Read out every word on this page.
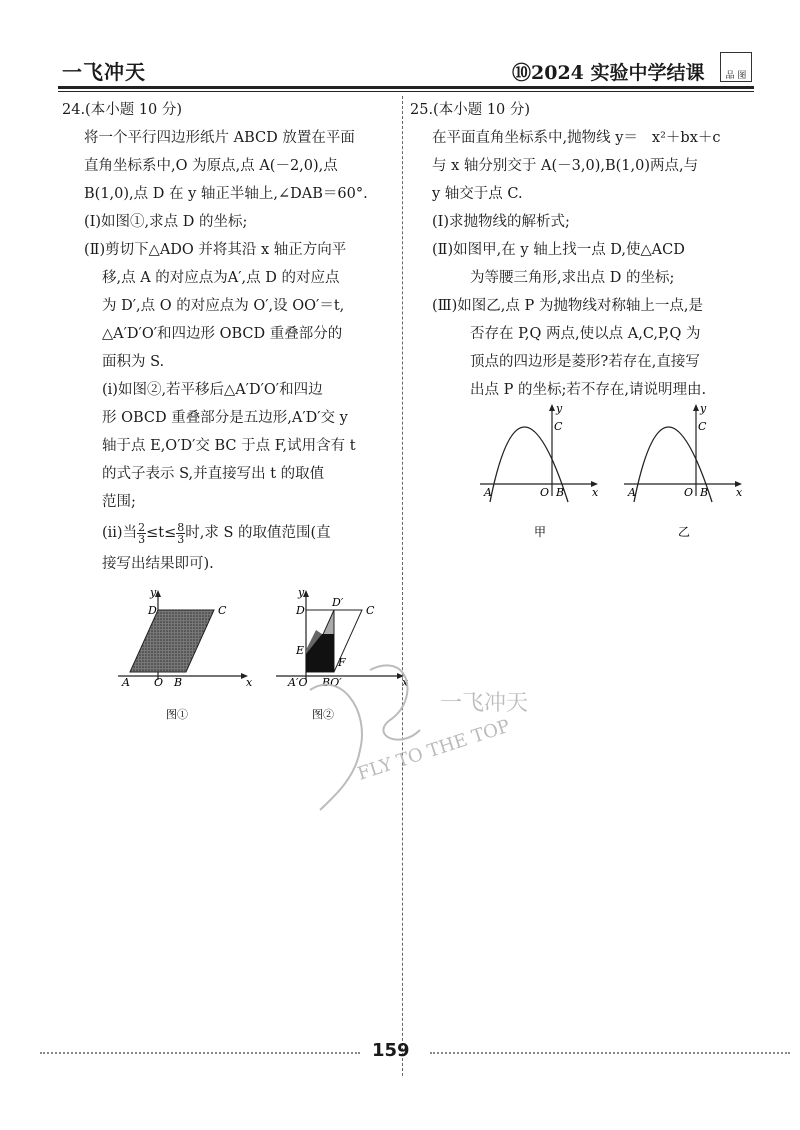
一飞冲天	⑩2024 实验中学结课	品 图
24.(本小题 10 分)
将一个平行四边形纸片 ABCD 放置在平面
直角坐标系中,O 为原点,点 A(－2,0),点
B(1,0),点 D 在 y 轴正半轴上,∠DAB＝60°.
(Ⅰ)如图①,求点 D 的坐标;
(Ⅱ)剪切下△ADO 并将其沿 x 轴正方向平
移,点 A 的对应点为A′,点 D 的对应点
为 D′,点 O 的对应点为 O′,设 OO′＝t,
△A′D′O′和四边形 OBCD 重叠部分的
面积为 S.
(ⅰ)如图②,若平移后△A′D′O′和四边
形 OBCD 重叠部分是五边形,A′D′交 y
轴于点 E,O′D′交 BC 于点 F,试用含有 t
的式子表示 S,并直接写出 t 的取值
范围;
(ⅱ)当 $\frac{2}{3} \le t\le \frac{8}{3}$ 时,求 S 的取值范围(直
接写出结果即可).
y
x
D	C
A O B
图①
y
x
D
D′
C
E
F
A′O BO′
图②
25.(本小题 10 分)
在平面直角坐标系中,抛物线 y＝ x²＋bx＋c
与 x 轴分别交于 A(－3,0),B(1,0)两点,与
y 轴交于点 C.
(Ⅰ)求抛物线的解析式;
(Ⅱ)如图甲,在 y 轴上找一点 D,使△ACD
为等腰三角形,求出点 D 的坐标;
(Ⅲ)如图乙,点 P 为抛物线对称轴上一点,是
否存在 P,Q 两点,使以点 A,C,P,Q 为
顶点的四边形是菱形?若存在,直接写
出点 P 的坐标;若不存在,请说明理由.
y
x
C
A	O B
甲
y
x
C
A	O B
乙
一飞冲天
FLY TO THE TOP
159
